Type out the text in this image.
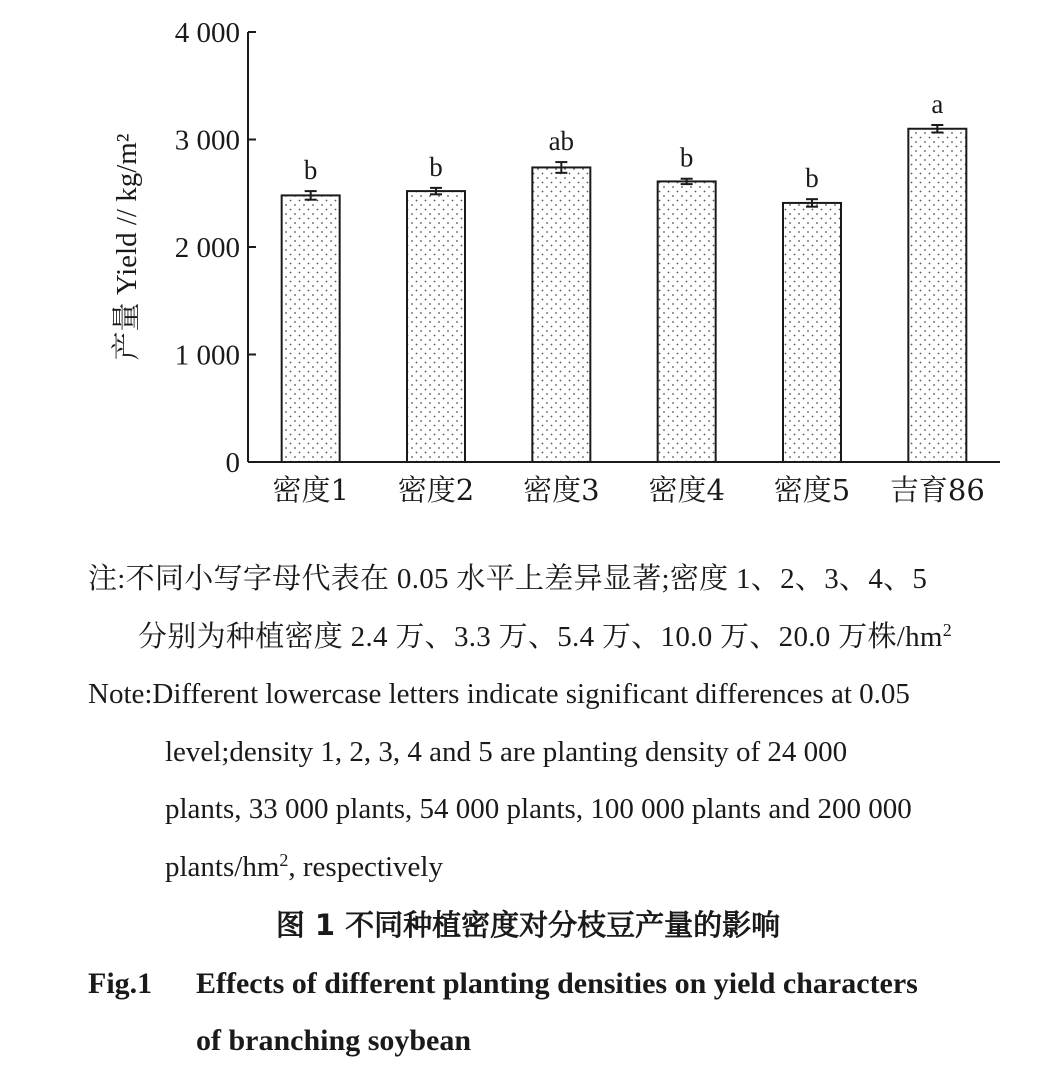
0
1 000
2 000
3 000
4 000
b
密度1
b
密度2
ab
密度3
b
密度4
b
密度5
a
吉育86
产量 Yield // kg/m²
注:不同小写字母代表在 0.05 水平上差异显著;密度 1、2、3、4、5
分别为种植密度 2.4 万、3.3 万、5.4 万、10.0 万、20.0 万株$/hm^2$
Note:Different lowercase letters indicate significant differences at 0.05
level;density 1, 2, 3, 4 and 5 are planting density of 24 000
plants, 33 000 plants, 54 000 plants, 100 000 plants and 200 000
plants/$hm^2$, respectively
图 1 不同种植密度对分枝豆产量的影响
Fig.1 Effects of different planting densities on yield characters
of branching soybean
